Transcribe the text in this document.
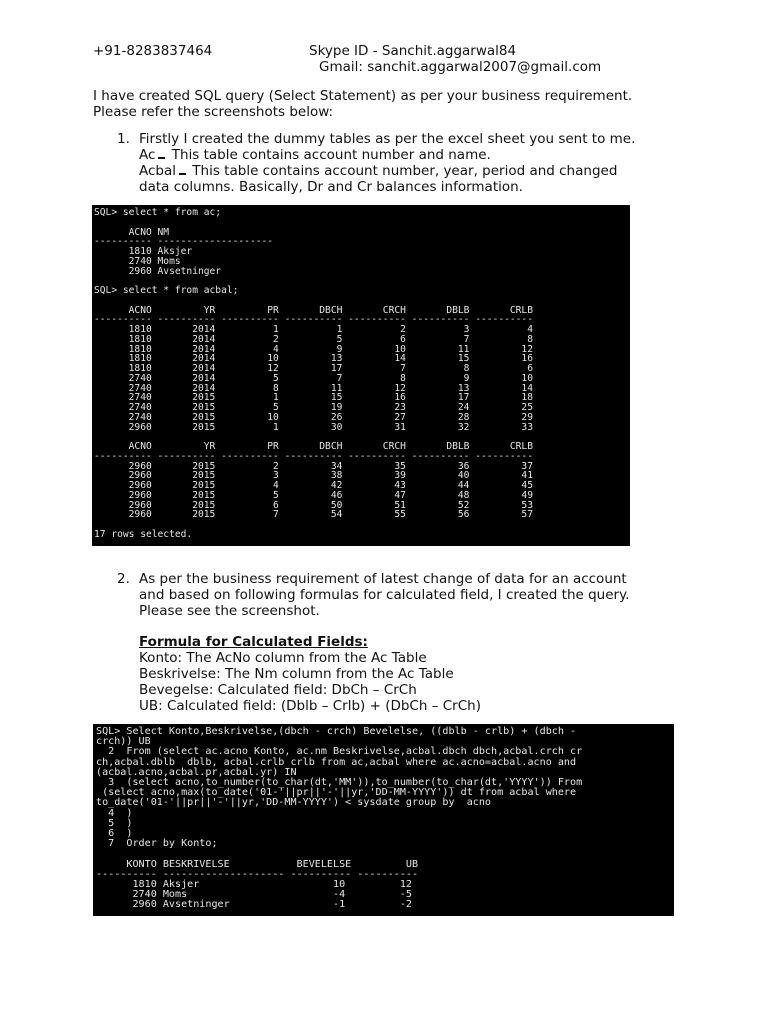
+91-8283837464	Skype ID - Sanchit.aggarwal84
Gmail: sanchit.aggarwal2007@gmail.com
I have created SQL query (Select Statement) as per your business requirement.
Please refer the screenshots below:
1. Firstly I created the dummy tables as per the excel sheet you sent to me.
Ac This table contains account number and name.
Acbal This table contains account number, year, period and changed
data columns. Basically, Dr and Cr balances information.
SQL> select * from ac;

ACNO NM
---------- --------------------
1810 Aksjer
2740 Moms
2960 Avsetninger

SQL> select * from acbal;

ACNO         YR         PR       DBCH       CRCH       DBLB       CRLB
---------- ---------- ---------- ---------- ---------- ---------- ----------
1810       2014          1          1          2          3          4
1810       2014          2          5          6          7          8
1810       2014          4          9         10         11         12
1810       2014         10         13         14         15         16
1810       2014         12         17          7          8          6
2740       2014          5          7          8          9         10
2740       2014          8         11         12         13         14
2740       2015          1         15         16         17         18
2740       2015          5         19         23         24         25
2740       2015         10         26         27         28         29
2960       2015          1         30         31         32         33

ACNO         YR         PR       DBCH       CRCH       DBLB       CRLB
---------- ---------- ---------- ---------- ---------- ---------- ----------
2960       2015          2         34         35         36         37
2960       2015          3         38         39         40         41
2960       2015          4         42         43         44         45
2960       2015          5         46         47         48         49
2960       2015          6         50         51         52         53
2960       2015          7         54         55         56         57

17 rows selected.
2. As per the business requirement of latest change of data for an account
and based on following formulas for calculated field, I created the query.
Please see the screenshot.
Formula for Calculated Fields:
Konto: The AcNo column from the Ac Table
Beskrivelse: The Nm column from the Ac Table
Bevegelse: Calculated field: DbCh – CrCh
UB: Calculated field: (Dblb – Crlb) + (DbCh – CrCh)
SQL> Select Konto,Beskrivelse,(dbch - crch) Bevelelse, ((dblb - crlb) + (dbch -
crch)) UB
2  From (select ac.acno Konto, ac.nm Beskrivelse,acbal.dbch dbch,acbal.crch cr
ch,acbal.dblb  dblb, acbal.crlb crlb from ac,acbal where ac.acno=acbal.acno and
(acbal.acno,acbal.pr,acbal.yr) IN
3  (select acno,to_number(to_char(dt,'MM')),to_number(to_char(dt,'YYYY')) From
(select acno,max(to_date('01-'||pr||'-'||yr,'DD-MM-YYYY')) dt from acbal where
to_date('01-'||pr||'-'||yr,'DD-MM-YYYY') < sysdate group by  acno
4  )
5  )
6  )
7  Order by Konto;

KONTO BESKRIVELSE           BEVELELSE         UB
---------- -------------------- ---------- ----------
1810 Aksjer                      10         12
2740 Moms                        -4         -5
2960 Avsetninger                 -1         -2
